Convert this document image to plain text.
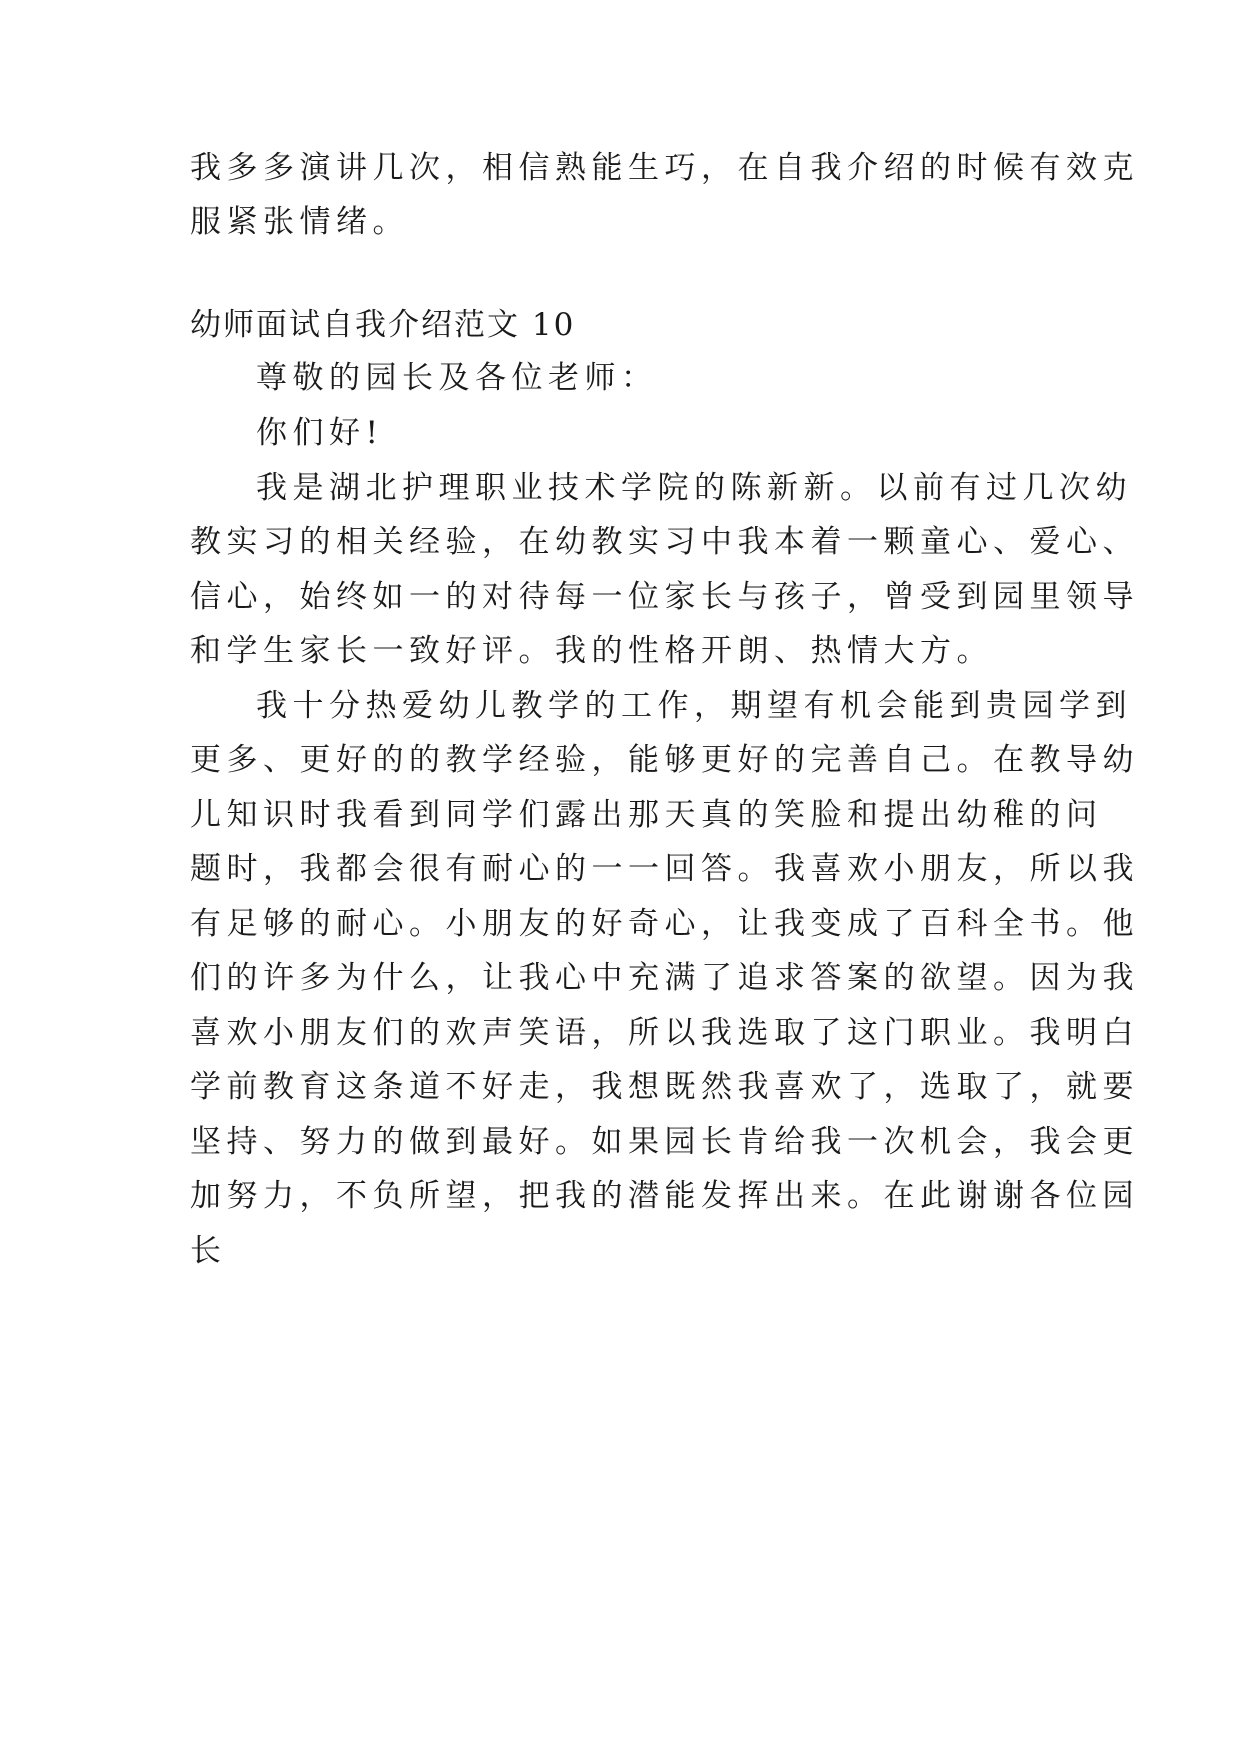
我多多演讲几次，相信熟能生巧，在自我介绍的时候有效克
服紧张情绪。
幼师面试自我介绍范文 10
尊敬的园长及各位老师：
你们好!
我是湖北护理职业技术学院的陈新新。以前有过几次幼
教实习的相关经验，在幼教实习中我本着一颗童心、爱心、
信心，始终如一的对待每一位家长与孩子，曾受到园里领导
和学生家长一致好评。我的性格开朗、热情大方。
我十分热爱幼儿教学的工作，期望有机会能到贵园学到
更多、更好的的教学经验，能够更好的完善自己。在教导幼
儿知识时我看到同学们露出那天真的笑脸和提出幼稚的问
题时，我都会很有耐心的一一回答。我喜欢小朋友，所以我
有足够的耐心。小朋友的好奇心，让我变成了百科全书。他
们的许多为什么，让我心中充满了追求答案的欲望。因为我
喜欢小朋友们的欢声笑语，所以我选取了这门职业。我明白
学前教育这条道不好走，我想既然我喜欢了，选取了，就要
坚持、努力的做到最好。如果园长肯给我一次机会，我会更
加努力，不负所望，把我的潜能发挥出来。在此谢谢各位园
长
